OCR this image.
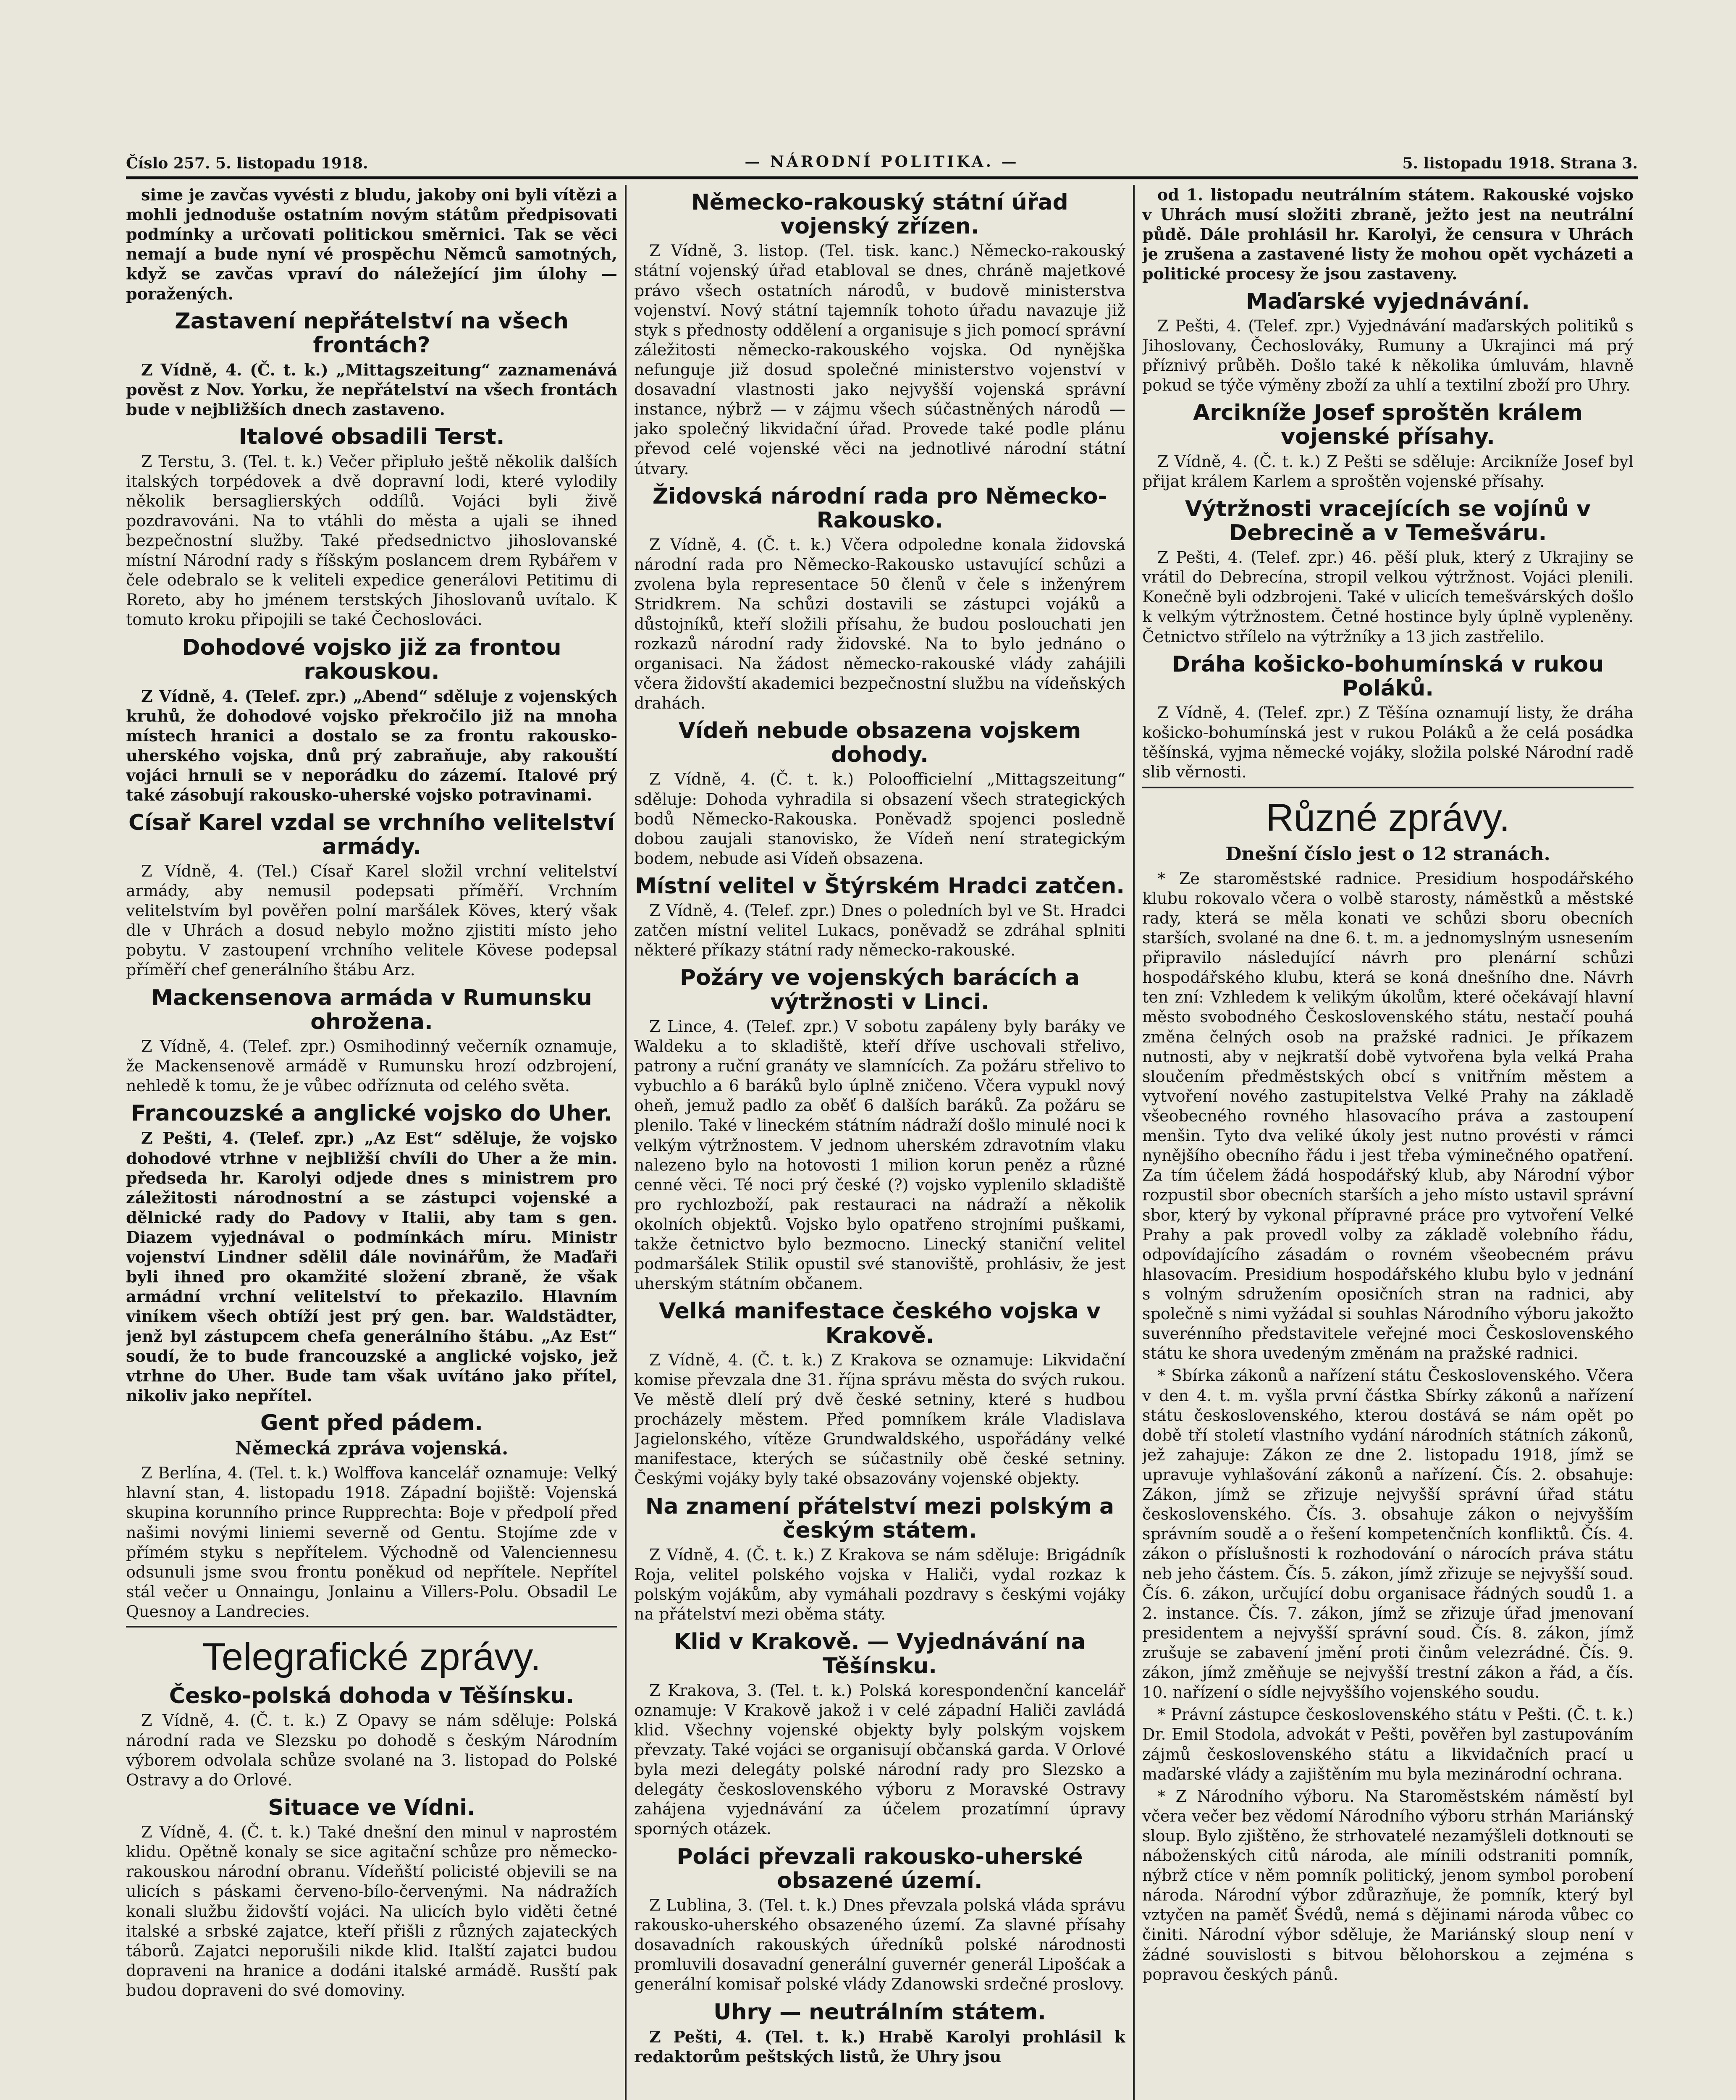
Číslo 257. 5. listopadu 1918.	— NÁRODNÍ POLITIKA. —	5. listopadu 1918. Strana 3.

sime je zavčas vyvésti z bludu, jakoby oni byli vítězi a mohli jednoduše ostatním novým státům předpisovati podmínky a určovati politickou směrnici. Tak se věci nemají a bude nyní vé prospěchu Němců samotných, když se zavčas vpraví do náležející jim úlohy — poražených.

Zastavení nepřátelství na všech frontách?

Z Vídně, 4. (Č. t. k.) „Mittagszeitung“ zaznamenává pověst z Nov. Yorku, že nepřátelství na všech frontách bude v nejbližších dnech zastaveno.

Italové obsadili Terst.

Z Terstu, 3. (Tel. t. k.) Večer připluło ještě několik dalších italských torpédovek a dvě dopravní lodi, které vylodily několik bersaglierských oddílů. Vojáci byli živě pozdravováni. Na to vtáhli do města a ujali se ihned bezpečnostní služby. Také předsednictvo jihoslovanské místní Národní rady s říšským poslancem drem Rybářem v čele odebralo se k veliteli expedice generálovi Petitimu di Roreto, aby ho jménem terstských Jihoslovanů uvítalo. K tomuto kroku připojili se také Čechoslováci.

Dohodové vojsko již za frontou rakouskou.

Z Vídně, 4. (Telef. zpr.) „Abend“ sděluje z vojenských kruhů, že dohodové vojsko překročilo již na mnoha místech hranici a dostalo se za frontu rakousko-uherského vojska, dnů prý zabraňuje, aby rakouští vojáci hrnuli se v neporádku do zázemí. Italové prý také zásobují rakousko-uherské vojsko potravinami.

Císař Karel vzdal se vrchního velitelství armády.

Z Vídně, 4. (Tel.) Císař Karel složil vrchní velitelství armády, aby nemusil podepsati příměří. Vrchním velitelstvím byl pověřen polní maršálek Köves, který však dle v Uhrách a dosud nebylo možno zjistiti místo jeho pobytu. V zastoupení vrchního velitele Kövese podepsal příměří chef generálního štábu Arz.

Mackensenova armáda v Rumunsku ohrožena.

Z Vídně, 4. (Telef. zpr.) Osmihodinný večerník oznamuje, že Mackensenově armádě v Rumunsku hrozí odzbrojení, nehledě k tomu, že je vůbec odříznuta od celého světa.

Francouzské a anglické vojsko do Uher.

Z Pešti, 4. (Telef. zpr.) „Az Est“ sděluje, že vojsko dohodové vtrhne v nejbližší chvíli do Uher a že min. předseda hr. Karolyi odjede dnes s ministrem pro záležitosti národnostní a se zástupci vojenské a dělnické rady do Padovy v Italii, aby tam s gen. Diazem vyjednával o podmínkách míru. Ministr vojenství Lindner sdělil dále novinářům, že Maďaři byli ihned pro okamžité složení zbraně, že však armádní vrchní velitelství to překazilo. Hlavním viníkem všech obtíží jest prý gen. bar. Waldstädter, jenž byl zástupcem chefa generálního štábu. „Az Est“ soudí, že to bude francouzské a anglické vojsko, jež vtrhne do Uher. Bude tam však uvítáno jako přítel, nikoliv jako nepřítel.

Gent před pádem.
Německá zpráva vojenská.

Z Berlína, 4. (Tel. t. k.) Wolffova kancelář oznamuje: Velký hlavní stan, 4. listopadu 1918. Západní bojiště: Vojenská skupina korunního prince Rupprechta: Boje v předpolí před našimi novými liniemi severně od Gentu. Stojíme zde v přímém styku s nepřítelem. Východně od Valenciennesu odsunuli jsme svou frontu poněkud od nepřítele. Nepřítel stál večer u Onnaingu, Jonlainu a Villers-Polu. Obsadil Le Quesnoy a Landrecies.

Telegrafické zprávy.
Česko-polská dohoda v Těšínsku.

Z Vídně, 4. (Č. t. k.) Z Opavy se nám sděluje: Polská národní rada ve Slezsku po dohodě s českým Národním výborem odvolala schůze svolané na 3. listopad do Polské Ostravy a do Orlové.

Situace ve Vídni.

Z Vídně, 4. (Č. t. k.) Také dnešní den minul v naprostém klidu. Opětně konaly se sice agitační schůze pro německo-rakouskou národní obranu. Vídeňští policisté objevili se na ulicích s páskami červeno-bílo-červenými. Na nádražích konali službu židovští vojáci. Na ulicích bylo viděti četné italské a srbské zajatce, kteří přišli z různých zajateckých táborů. Zajatci neporušili nikde klid. Italští zajatci budou dopraveni na hranice a dodáni italské armádě. Rusští pak budou dopraveni do své domoviny.

Německo-rakouský státní úřad vojenský zřízen.

Z Vídně, 3. listop. (Tel. tisk. kanc.) Německo-rakouský státní vojenský úřad etabloval se dnes, chráně majetkové právo všech ostatních národů, v budově ministerstva vojenství. Nový státní tajemník tohoto úřadu navazuje již styk s přednosty oddělení a organisuje s jich pomocí správní záležitosti německo-rakouského vojska. Od nynějška nefunguje již dosud společné ministerstvo vojenství v dosavadní vlastnosti jako nejvyšší vojenská správní instance, nýbrž — v zájmu všech súčastněných národů — jako společný likvidační úřad. Provede také podle plánu převod celé vojenské věci na jednotlivé národní státní útvary.

Židovská národní rada pro Německo-Rakousko.

Z Vídně, 4. (Č. t. k.) Včera odpoledne konala židovská národní rada pro Německo-Rakousko ustavující schůzi a zvolena byla representace 50 členů v čele s inženýrem Stridkrem. Na schůzi dostavili se zástupci vojáků a důstojníků, kteří složili přísahu, že budou poslouchati jen rozkazů národní rady židovské. Na to bylo jednáno o organisaci. Na žádost německo-rakouské vlády zahájili včera židovští akademici bezpečnostní službu na vídeňských drahách.

Vídeň nebude obsazena vojskem dohody.

Z Vídně, 4. (Č. t. k.) Poloofficielní „Mittagszeitung“ sděluje: Dohoda vyhradila si obsazení všech strategických bodů Německo-Rakouska. Poněvadž spojenci posledně dobou zaujali stanovisko, že Vídeň není strategickým bodem, nebude asi Vídeň obsazena.

Místní velitel v Štýrském Hradci zatčen.

Z Vídně, 4. (Telef. zpr.) Dnes o poledních byl ve St. Hradci zatčen místní velitel Lukacs, poněvadž se zdráhal splniti některé příkazy státní rady německo-rakouské.

Požáry ve vojenských barácích a výtržnosti v Linci.

Z Lince, 4. (Telef. zpr.) V sobotu zapáleny byly baráky ve Waldeku a to skladiště, kteří dříve uschovali střelivo, patrony a ruční granáty ve slamnících. Za požáru střelivo to vybuchlo a 6 baráků bylo úplně zničeno. Včera vypukl nový oheň, jemuž padlo za oběť 6 dalších baráků. Za požáru se plenilo. Také v lineckém státním nádraží došlo minulé noci k velkým výtržnostem. V jednom uherském zdravotním vlaku nalezeno bylo na hotovosti 1 milion korun peněz a různé cenné věci. Té noci prý české (?) vojsko vyplenilo skladiště pro rychlozboží, pak restauraci na nádraží a několik okolních objektů. Vojsko bylo opatřeno strojními puškami, takže četnictvo bylo bezmocno. Linecký staniční velitel podmaršálek Stilik opustil své stanoviště, prohlásiv, že jest uherským státním občanem.

Velká manifestace českého vojska v Krakově.

Z Vídně, 4. (Č. t. k.) Z Krakova se oznamuje: Likvidační komise převzala dne 31. října správu města do svých rukou. Ve městě dlelí prý dvě české setniny, které s hudbou procházely městem. Před pomníkem krále Vladislava Jagielonského, vítěze Grundwaldského, uspořádány velké manifestace, kterých se súčastnily obě české setniny. Českými vojáky byly také obsazovány vojenské objekty.

Na znamení přátelství mezi polským a českým státem.

Z Vídně, 4. (Č. t. k.) Z Krakova se nám sděluje: Brigádník Roja, velitel polského vojska v Haliči, vydal rozkaz k polským vojákům, aby vymáhali pozdravy s českými vojáky na přátelství mezi oběma státy.

Klid v Krakově. — Vyjednávání na Těšínsku.

Z Krakova, 3. (Tel. t. k.) Polská korespondenční kancelář oznamuje: V Krakově jakož i v celé západní Haliči zavládá klid. Všechny vojenské objekty byly polským vojskem převzaty. Také vojáci se organisují občanská garda. V Orlové byla mezi delegáty polské národní rady pro Slezsko a delegáty československého výboru z Moravské Ostravy zahájena vyjednávání za účelem prozatímní úpravy sporných otázek.

Poláci převzali rakousko-uherské obsazené území.

Z Lublina, 3. (Tel. t. k.) Dnes převzala polská vláda správu rakousko-uherského obsazeného území. Za slavné přísahy dosavadních rakouských úředníků polské národnosti promluvili dosavadní generální guvernér generál Lipošćak a generální komisař polské vlády Zdanowski srdečné proslovy.

Uhry — neutrálním státem.

Z Pešti, 4. (Tel. t. k.) Hrabě Karolyi prohlásil k redaktorům peštských listů, že Uhry jsou

od 1. listopadu neutrálním státem. Rakouské vojsko v Uhrách musí složiti zbraně, ježto jest na neutrální půdě. Dále prohlásil hr. Karolyi, že censura v Uhrách je zrušena a zastavené listy že mohou opět vycházeti a politické procesy že jsou zastaveny.

Maďarské vyjednávání.

Z Pešti, 4. (Telef. zpr.) Vyjednávání maďarských politiků s Jihoslovany, Čechoslováky, Rumuny a Ukrajinci má prý příznivý průběh. Došlo také k několika úmluvám, hlavně pokud se týče výměny zboží za uhlí a textilní zboží pro Uhry.

Arcikníže Josef sproštěn králem vojenské přísahy.

Z Vídně, 4. (Č. t. k.) Z Pešti se sděluje: Arcikníže Josef byl přijat králem Karlem a sproštěn vojenské přísahy.

Výtržnosti vracejících se vojínů v Debrecině a v Temešváru.

Z Pešti, 4. (Telef. zpr.) 46. pěší pluk, který z Ukrajiny se vrátil do Debrecína, stropil velkou výtržnost. Vojáci plenili. Konečně byli odzbrojeni. Také v ulicích temešvárských došlo k velkým výtržnostem. Četné hostince byly úplně vypleněny. Četnictvo střílelo na výtržníky a 13 jich zastřelilo.

Dráha košicko-bohumínská v rukou Poláků.

Z Vídně, 4. (Telef. zpr.) Z Těšína oznamují listy, že dráha košicko-bohumínská jest v rukou Poláků a že celá posádka těšínská, vyjma německé vojáky, složila polské Národní radě slib věrnosti.

Různé zprávy.
Dnešní číslo jest o 12 stranách.

* Ze staroměstské radnice. Presidium hospodářského klubu rokovalo včera o volbě starosty, náměstků a městské rady, která se měla konati ve schůzi sboru obecních starších, svolané na dne 6. t. m. a jednomyslným usnesením připravilo následující návrh pro plenární schůzi hospodářského klubu, která se koná dnešního dne. Návrh ten zní: Vzhledem k velikým úkolům, které očekávají hlavní město svobodného Československého státu, nestačí pouhá změna čelných osob na pražské radnici. Je příkazem nutnosti, aby v nejkratší době vytvořena byla velká Praha sloučením předměstských obcí s vnitřním městem a vytvoření nového zastupitelstva Velké Prahy na základě všeobecného rovného hlasovacího práva a zastoupení menšin. Tyto dva veliké úkoly jest nutno provésti v rámci nynějšího obecního řádu i jest třeba výminečného opatření. Za tím účelem žádá hospodářský klub, aby Národní výbor rozpustil sbor obecních starších a jeho místo ustavil správní sbor, který by vykonal přípravné práce pro vytvoření Velké Prahy a pak provedl volby za základě volebního řádu, odpovídajícího zásadám o rovném všeobecném právu hlasovacím. Presidium hospodářského klubu bylo v jednání s volným sdružením oposičních stran na radnici, aby společně s nimi vyžádal si souhlas Národního výboru jakožto suverénního představitele veřejné moci Československého státu ke shora uvedeným změnám na pražské radnici.

* Sbírka zákonů a nařízení státu Československého. Včera v den 4. t. m. vyšla první částka Sbírky zákonů a nařízení státu československého, kterou dostává se nám opět po době tří století vlastního vydání národních státních zákonů, jež zahajuje: Zákon ze dne 2. listopadu 1918, jímž se upravuje vyhlašování zákonů a nařízení. Čís. 2. obsahuje: Zákon, jímž se zřizuje nejvyšší správní úřad státu československého. Čís. 3. obsahuje zákon o nejvyšším správním soudě a o řešení kompetenčních konfliktů. Čís. 4. zákon o příslušnosti k rozhodování o nárocích práva státu neb jeho částem. Čís. 5. zákon, jímž zřizuje se nejvyšší soud. Čís. 6. zákon, určující dobu organisace řádných soudů 1. a 2. instance. Čís. 7. zákon, jímž se zřizuje úřad jmenovaní presidentem a nejvyšší správní soud. Čís. 8. zákon, jímž zrušuje se zabavení jmění proti činům velezrádné. Čís. 9. zákon, jímž změňuje se nejvyšší trestní zákon a řád, a čís. 10. nařízení o sídle nejvyššího vojenského soudu.

* Právní zástupce československého státu v Pešti. (Č. t. k.) Dr. Emil Stodola, advokát v Pešti, pověřen byl zastupováním zájmů československého státu a likvidačních prací u maďarské vlády a zajištěním mu byla mezinárodní ochrana.

* Z Národního výboru. Na Staroměstském náměstí byl včera večer bez vědomí Národního výboru strhán Mariánský sloup. Bylo zjištěno, že strhovatelé nezamýšleli dotknouti se náboženských citů národa, ale mínili odstraniti pomník, nýbrž ctíce v něm pomník politický, jenom symbol porobení národa. Národní výbor zdůrazňuje, že pomník, který byl vztyčen na paměť Švédů, nemá s dějinami národa vůbec co činiti. Národní výbor sděluje, že Mariánský sloup není v žádné souvislosti s bitvou bělohorskou a zejména s popravou českých pánů.
